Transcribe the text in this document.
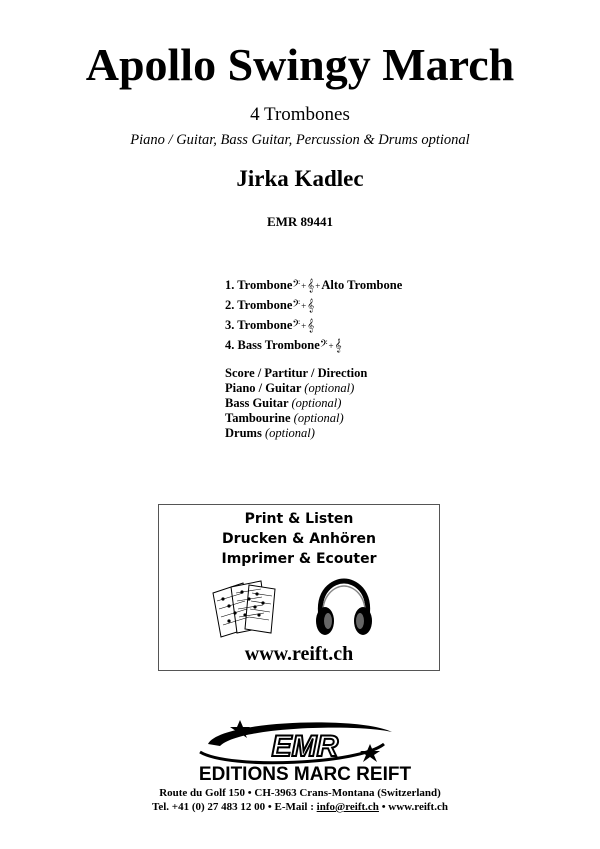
Apollo Swingy March
4 Trombones
Piano / Guitar, Bass Guitar, Percussion & Drums optional
Jirka Kadlec
EMR 89441
1. Trombone𝄢+𝄞+Alto Trombone
2. Trombone𝄢+𝄞
3. Trombone𝄢+𝄞
4. Bass Trombone𝄢+𝄞
Score / Partitur / Direction
Piano / Guitar (optional)
Bass Guitar (optional)
Tambourine (optional)
Drums (optional)
Print & Listen
Drucken & Anhören
Imprimer & Ecouter
www.reift.ch
EMR
EDITIONS MARC REIFT
Route du Golf 150 • CH-3963 Crans-Montana (Switzerland)
Tel. +41 (0) 27 483 12 00 • E-Mail : info@reift.ch • www.reift.ch
